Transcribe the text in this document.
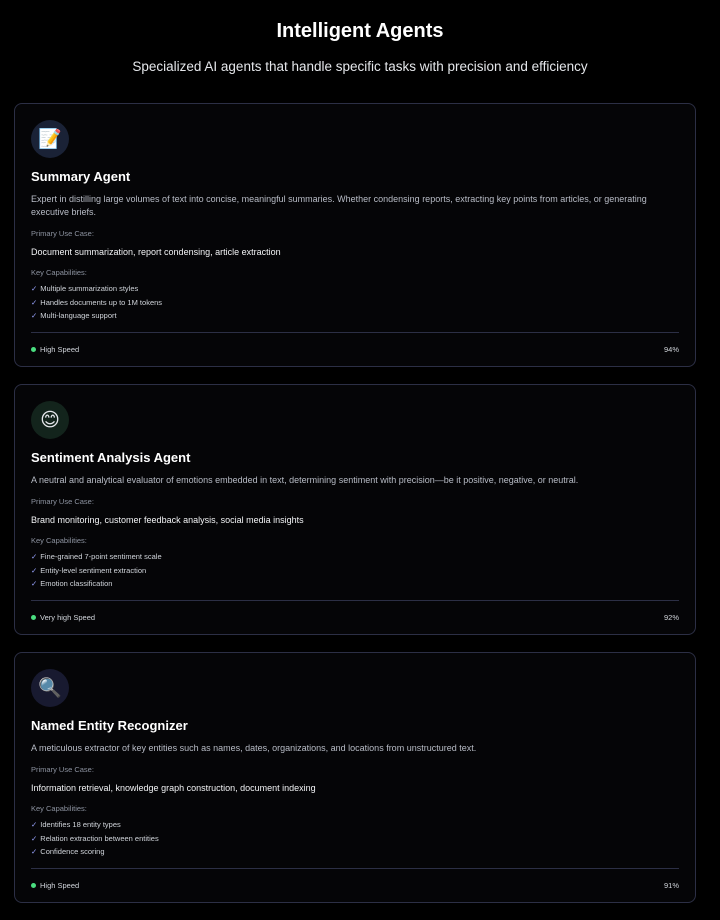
Intelligent Agents

Specialized AI agents that handle specific tasks with precision and efficiency

📝
Summary Agent
Expert in distilling large volumes of text into concise, meaningful summaries. Whether condensing reports, extracting key points from articles, or generating executive briefs.
Primary Use Case:
Document summarization, report condensing, article extraction
Key Capabilities:
✓ Multiple summarization styles
✓ Handles documents up to 1M tokens
✓ Multi-language support
High Speed	94%
😊
Sentiment Analysis Agent
A neutral and analytical evaluator of emotions embedded in text, determining sentiment with precision—be it positive, negative, or neutral.
Primary Use Case:
Brand monitoring, customer feedback analysis, social media insights
Key Capabilities:
✓ Fine-grained 7-point sentiment scale
✓ Entity-level sentiment extraction
✓ Emotion classification
Very high Speed	92%
🔍
Named Entity Recognizer
A meticulous extractor of key entities such as names, dates, organizations, and locations from unstructured text.
Primary Use Case:
Information retrieval, knowledge graph construction, document indexing
Key Capabilities:
✓ Identifies 18 entity types
✓ Relation extraction between entities
✓ Confidence scoring
High Speed	91%
